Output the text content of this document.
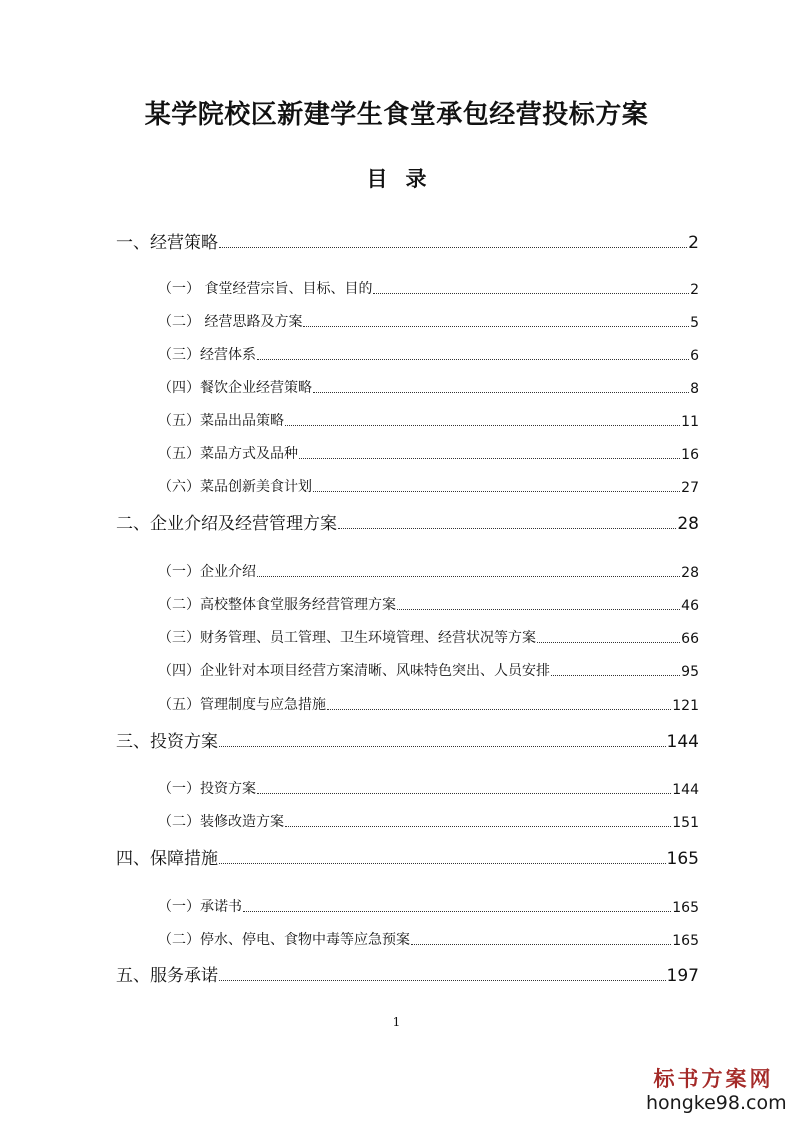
某学院校区新建学生食堂承包经营投标方案
目 录
一、经营策略	2
（一） 食堂经营宗旨、目标、目的	2
（二） 经营思路及方案	5
（三）经营体系	6
（四）餐饮企业经营策略	8
（五）菜品出品策略	11
（五）菜品方式及品种	16
（六）菜品创新美食计划	27
二、企业介绍及经营管理方案	28
（一）企业介绍	28
（二）高校整体食堂服务经营管理方案	46
（三）财务管理、员工管理、卫生环境管理、经营状况等方案	66
（四）企业针对本项目经营方案清晰、风味特色突出、人员安排	95
（五）管理制度与应急措施	121
三、投资方案	144
（一）投资方案	144
（二）装修改造方案	151
四、保障措施	165
（一）承诺书	165
（二）停水、停电、食物中毒等应急预案	165
五、服务承诺	197
1
标书方案网
hongke98.com
